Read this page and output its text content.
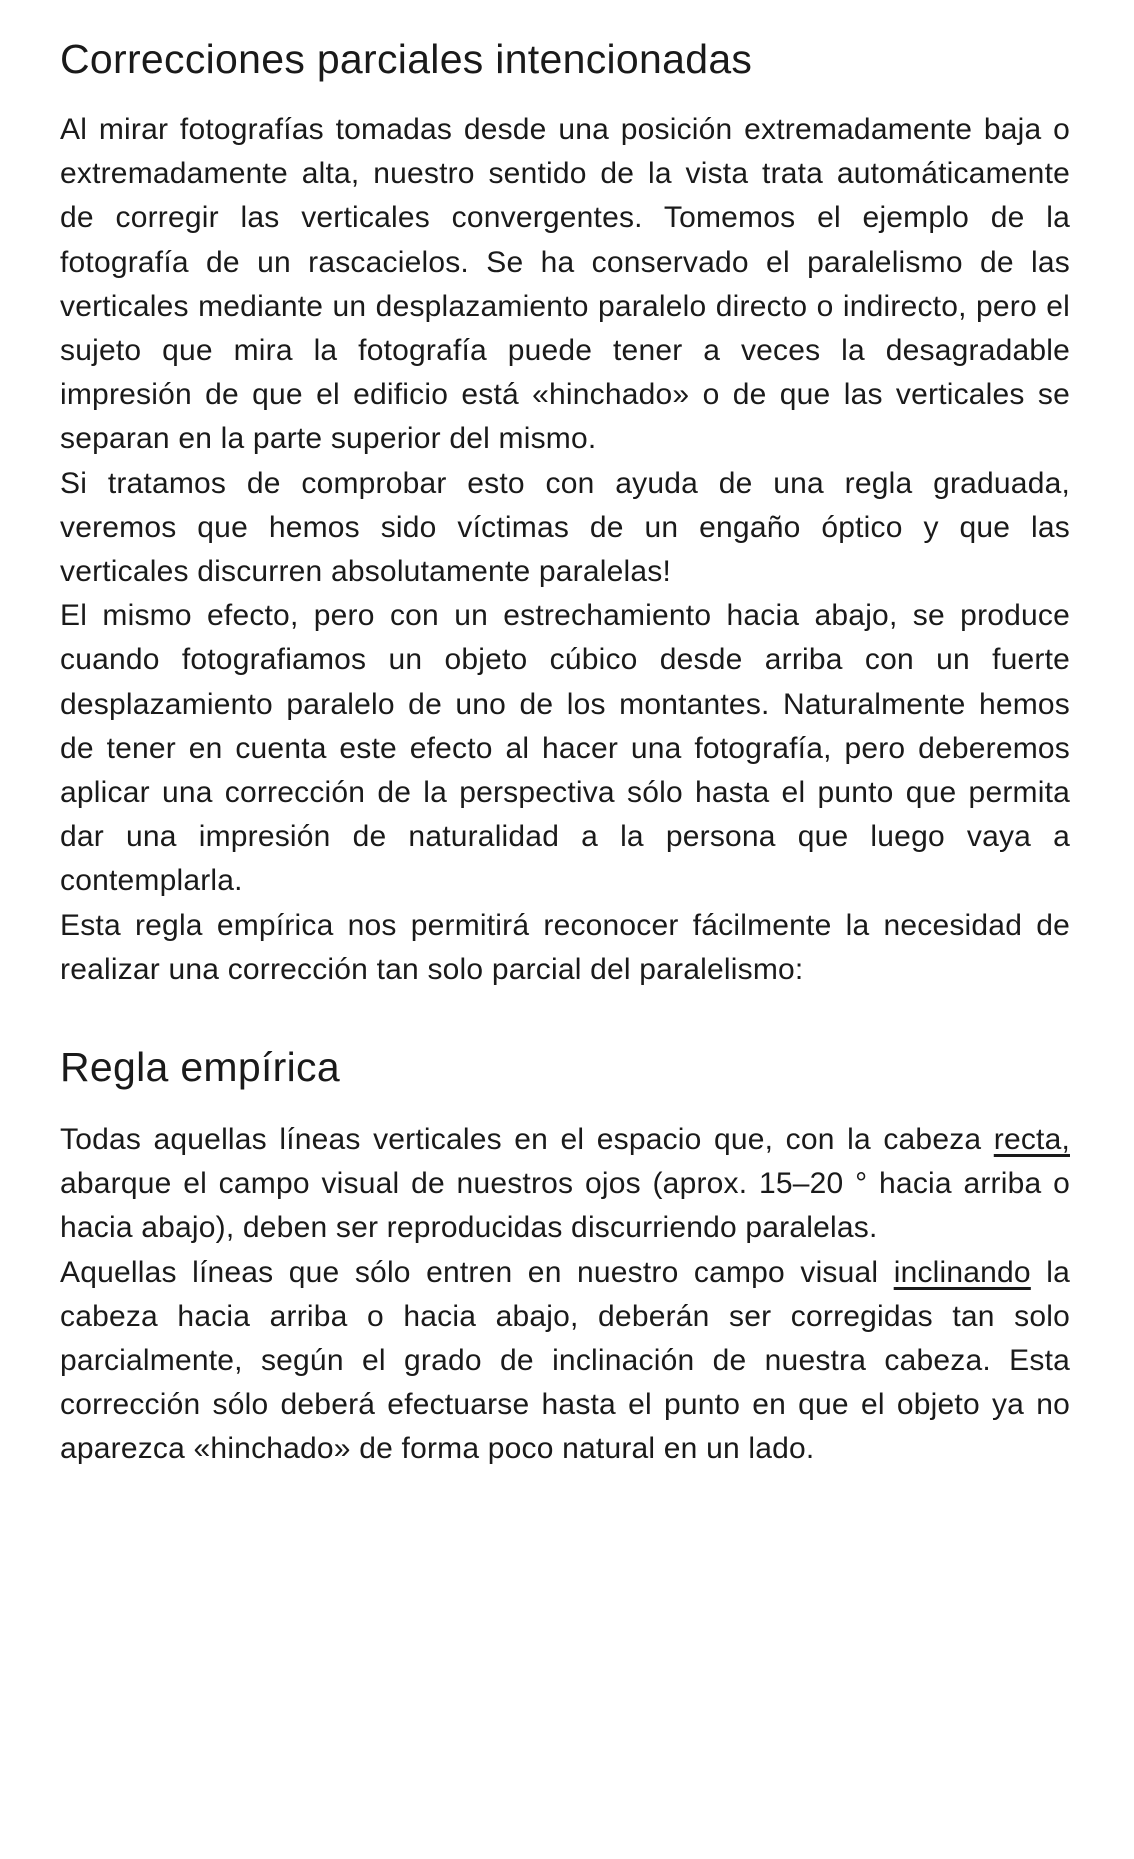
Correcciones parciales intencionadas

Al mirar fotografías tomadas desde una posición extremadamente baja o extremadamente alta, nuestro sentido de la vista trata automáticamente de corregir las verticales convergentes. Tomemos el ejemplo de la fotografía de un rascacielos. Se ha conservado el paralelismo de las verticales mediante un desplazamiento paralelo directo o indirecto, pero el sujeto que mira la fotografía puede tener a veces la desagradable impresión de que el edificio está «hinchado» o de que las verticales se separan en la parte superior del mismo.

Si tratamos de comprobar esto con ayuda de una regla graduada, veremos que hemos sido víctimas de un engaño óptico y que las verticales discurren absolutamente paralelas!

El mismo efecto, pero con un estrechamiento hacia abajo, se produce cuando fotografiamos un objeto cúbico desde arriba con un fuerte desplazamiento paralelo de uno de los montantes. Naturalmente hemos de tener en cuenta este efecto al hacer una fotografía, pero deberemos aplicar una corrección de la perspectiva sólo hasta el punto que permita dar una impresión de naturalidad a la persona que luego vaya a contemplarla.

Esta regla empírica nos permitirá reconocer fácilmente la necesidad de realizar una corrección tan solo parcial del paralelismo:

Regla empírica

Todas aquellas líneas verticales en el espacio que, con la cabeza recta, abarque el campo visual de nuestros ojos (aprox. 15–20 ° hacia arriba o hacia abajo), deben ser reproducidas discurriendo paralelas.

Aquellas líneas que sólo entren en nuestro campo visual inclinando la cabeza hacia arriba o hacia abajo, deberán ser corregidas tan solo parcialmente, según el grado de inclinación de nuestra cabeza. Esta corrección sólo deberá efectuarse hasta el punto en que el objeto ya no aparezca «hinchado» de forma poco natural en un lado.
